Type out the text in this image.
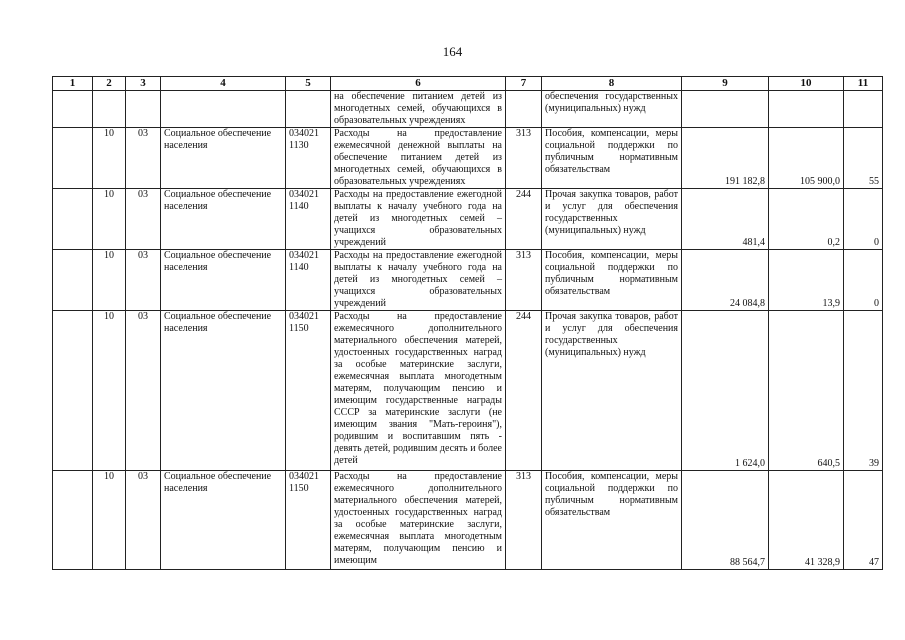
164
1	2	3	4	5	6	7	8	9	10	11
					на обеспечение питанием детей из многодетных семей, обучающихся в образовательных учреждениях		обеспечения государственных (муниципальных) нужд			
	10	03	Социальное обеспечение населения	034021 1130	Расходы на предоставление ежемесячной денежной выплаты на обеспечение питанием детей из многодетных семей, обучающихся в образовательных учреждениях	313	Пособия, компенсации, меры социальной поддержки по публичным нормативным обязательствам	191 182,8	105 900,0	55
	10	03	Социальное обеспечение населения	034021 1140	Расходы на предоставление ежегодной выплаты к началу учебного года на детей из многодетных семей – учащихся образовательных учреждений	244	Прочая закупка товаров, работ и услуг для обеспечения государственных (муниципальных) нужд	481,4	0,2	0
	10	03	Социальное обеспечение населения	034021 1140	Расходы на предоставление ежегодной выплаты к началу учебного года на детей из многодетных семей – учащихся образовательных учреждений	313	Пособия, компенсации, меры социальной поддержки по публичным нормативным обязательствам	24 084,8	13,9	0
	10	03	Социальное обеспечение населения	034021 1150	Расходы на предоставление ежемесячного дополнительного материального обеспечения матерей, удостоенных государственных наград за особые материнские заслуги, ежемесячная выплата многодетным матерям, получающим пенсию и имеющим государственные награды СССР за материнские заслуги (не имеющим звания "Мать-героиня"), родившим и воспитавшим пять - девять детей, родившим десять и более детей	244	Прочая закупка товаров, работ и услуг для обеспечения государственных (муниципальных) нужд	1 624,0	640,5	39
	10	03	Социальное обеспечение населения	034021 1150	Расходы на предоставление ежемесячного дополнительного материального обеспечения матерей, удостоенных государственных наград за особые материнские заслуги, ежемесячная выплата многодетным матерям, получающим пенсию и имеющим	313	Пособия, компенсации, меры социальной поддержки по публичным нормативным обязательствам	88 564,7	41 328,9	47
